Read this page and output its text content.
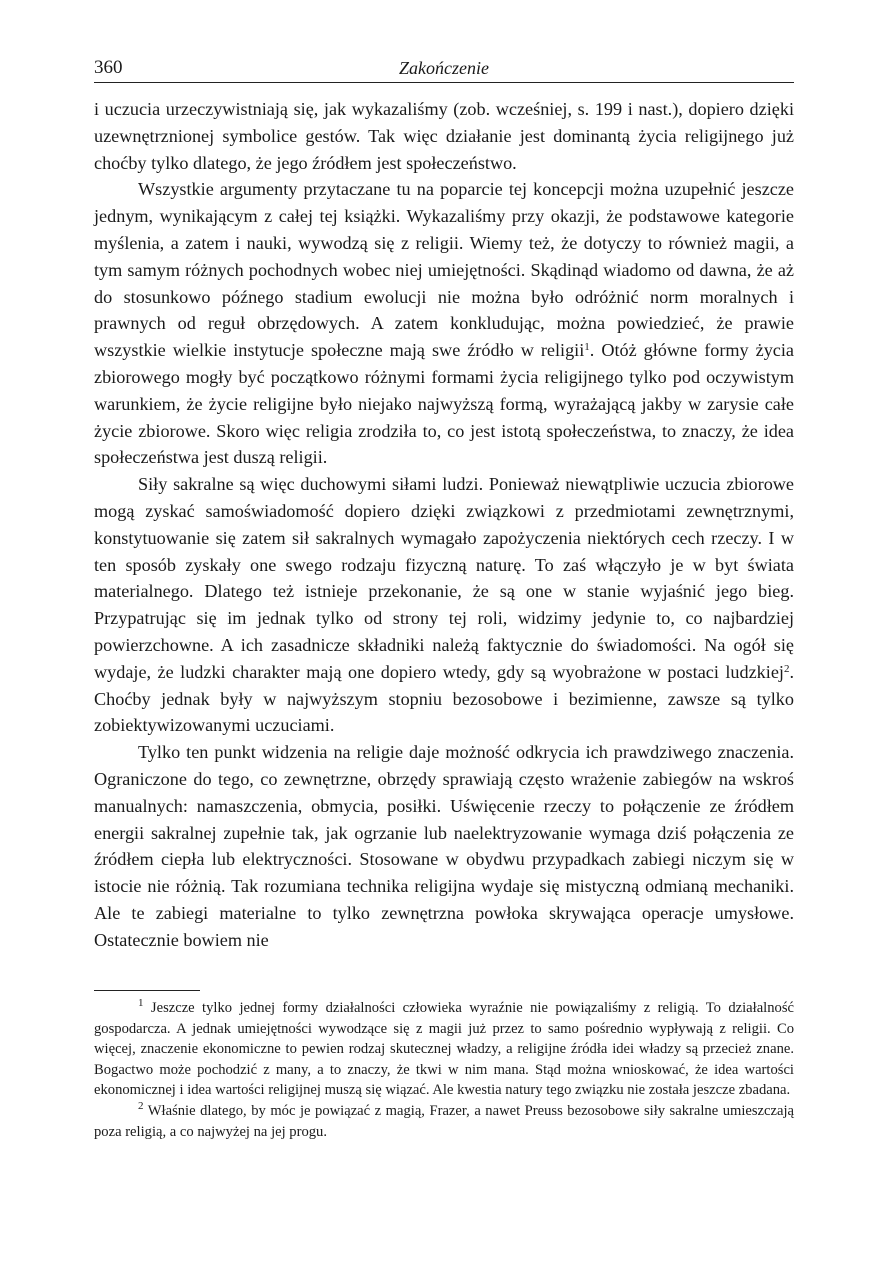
360	Zakończenie

i uczucia urzeczywistniają się, jak wykazaliśmy (zob. wcześniej, s. 199 i nast.), dopiero dzięki uzewnętrznionej symbolice gestów. Tak więc działanie jest dominantą życia religijnego już choćby tylko dlatego, że jego źródłem jest społeczeństwo.

Wszystkie argumenty przytaczane tu na poparcie tej koncepcji można uzupełnić jeszcze jednym, wynikającym z całej tej książki. Wykazaliśmy przy okazji, że podstawowe kategorie myślenia, a zatem i nauki, wywodzą się z religii. Wiemy też, że dotyczy to również magii, a tym samym różnych pochodnych wobec niej umiejętności. Skądinąd wiadomo od dawna, że aż do stosunkowo późnego stadium ewolucji nie można było odróżnić norm moralnych i prawnych od reguł obrzędowych. A zatem konkludując, można powiedzieć, że prawie wszystkie wielkie instytucje społeczne mają swe źródło w religii$^1$. Otóż główne formy życia zbiorowego mogły być początkowo różnymi formami życia religijnego tylko pod oczywistym warunkiem, że życie religijne było niejako najwyższą formą, wyrażającą jakby w zarysie całe życie zbiorowe. Skoro więc religia zrodziła to, co jest istotą społeczeństwa, to znaczy, że idea społeczeństwa jest duszą religii.

Siły sakralne są więc duchowymi siłami ludzi. Ponieważ niewątpliwie uczucia zbiorowe mogą zyskać samoświadomość dopiero dzięki związkowi z przedmiotami zewnętrznymi, konstytuowanie się zatem sił sakralnych wymagało zapożyczenia niektórych cech rzeczy. I w ten sposób zyskały one swego rodzaju fizyczną naturę. To zaś włączyło je w byt świata materialnego. Dlatego też istnieje przekonanie, że są one w stanie wyjaśnić jego bieg. Przypatrując się im jednak tylko od strony tej roli, widzimy jedynie to, co najbardziej powierzchowne. A ich zasadnicze składniki należą faktycznie do świadomości. Na ogół się wydaje, że ludzki charakter mają one dopiero wtedy, gdy są wyobrażone w postaci ludzkiej$^2$. Choćby jednak były w najwyższym stopniu bezosobowe i bezimienne, zawsze są tylko zobiektywizowanymi uczuciami.

Tylko ten punkt widzenia na religie daje możność odkrycia ich prawdziwego znaczenia. Ograniczone do tego, co zewnętrzne, obrzędy sprawiają często wrażenie zabiegów na wskroś manualnych: namaszczenia, obmycia, posiłki. Uświęcenie rzeczy to połączenie ze źródłem energii sakralnej zupełnie tak, jak ogrzanie lub naelektryzowanie wymaga dziś połączenia ze źródłem ciepła lub elektryczności. Stosowane w obydwu przypadkach zabiegi niczym się w istocie nie różnią. Tak rozumiana technika religijna wydaje się mistyczną odmianą mechaniki. Ale te zabiegi materialne to tylko zewnętrzna powłoka skrywająca operacje umysłowe. Ostatecznie bowiem nie

$^1$ Jeszcze tylko jednej formy działalności człowieka wyraźnie nie powiązaliśmy z religią. To działalność gospodarcza. A jednak umiejętności wywodzące się z magii już przez to samo pośrednio wypływają z religii. Co więcej, znaczenie ekonomiczne to pewien rodzaj skutecznej władzy, a religijne źródła idei władzy są przecież znane. Bogactwo może pochodzić z many, a to znaczy, że tkwi w nim mana. Stąd można wnioskować, że idea wartości ekonomicznej i idea wartości religijnej muszą się wiązać. Ale kwestia natury tego związku nie została jeszcze zbadana.

$^2$ Właśnie dlatego, by móc je powiązać z magią, Frazer, a nawet Preuss bezosobowe siły sakralne umieszczają poza religią, a co najwyżej na jej progu.
